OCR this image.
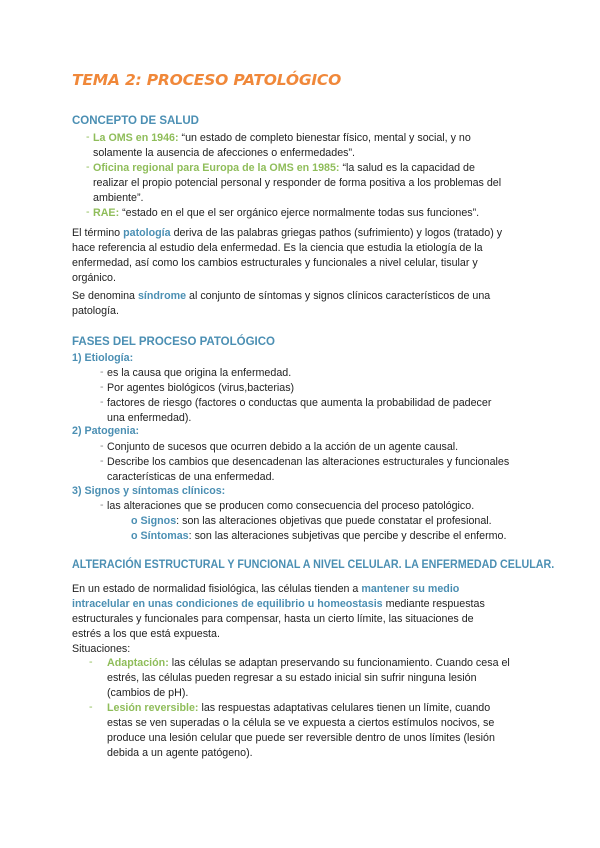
TEMA 2: PROCESO PATOLÓGICO
CONCEPTO DE SALUD
- La OMS en 1946: “un estado de completo bienestar físico, mental y social, y no
solamente la ausencia de afecciones o enfermedades”.
- Oficina regional para Europa de la OMS en 1985: “la salud es la capacidad de
realizar el propio potencial personal y responder de forma positiva a los problemas del
ambiente”.
- RAE: “estado en el que el ser orgánico ejerce normalmente todas sus funciones”.
El término patología deriva de las palabras griegas pathos (sufrimiento) y logos (tratado) y
hace referencia al estudio dela enfermedad. Es la ciencia que estudia la etiología de la
enfermedad, así como los cambios estructurales y funcionales a nivel celular, tisular y
orgánico.
Se denomina síndrome al conjunto de síntomas y signos clínicos característicos de una
patología.
FASES DEL PROCESO PATOLÓGICO
1) Etiología:
- es la causa que origina la enfermedad.
- Por agentes biológicos (virus,bacterias)
- factores de riesgo (factores o conductas que aumenta la probabilidad de padecer
una enfermedad).
2) Patogenia:
- Conjunto de sucesos que ocurren debido a la acción de un agente causal.
- Describe los cambios que desencadenan las alteraciones estructurales y funcionales
características de una enfermedad.
3) Signos y síntomas clínicos:
- las alteraciones que se producen como consecuencia del proceso patológico.
o Signos: son las alteraciones objetivas que puede constatar el profesional.
o Síntomas: son las alteraciones subjetivas que percibe y describe el enfermo.
ALTERACIÓN ESTRUCTURAL Y FUNCIONAL A NIVEL CELULAR. LA ENFERMEDAD CELULAR.
En un estado de normalidad fisiológica, las células tienden a mantener su medio
intracelular en unas condiciones de equilibrio u homeostasis mediante respuestas
estructurales y funcionales para compensar, hasta un cierto límite, las situaciones de
estrés a los que está expuesta.
Situaciones:
- Adaptación: las células se adaptan preservando su funcionamiento. Cuando cesa el
estrés, las células pueden regresar a su estado inicial sin sufrir ninguna lesión
(cambios de pH).
- Lesión reversible: las respuestas adaptativas celulares tienen un límite, cuando
estas se ven superadas o la célula se ve expuesta a ciertos estímulos nocivos, se
produce una lesión celular que puede ser reversible dentro de unos límites (lesión
debida a un agente patógeno).
